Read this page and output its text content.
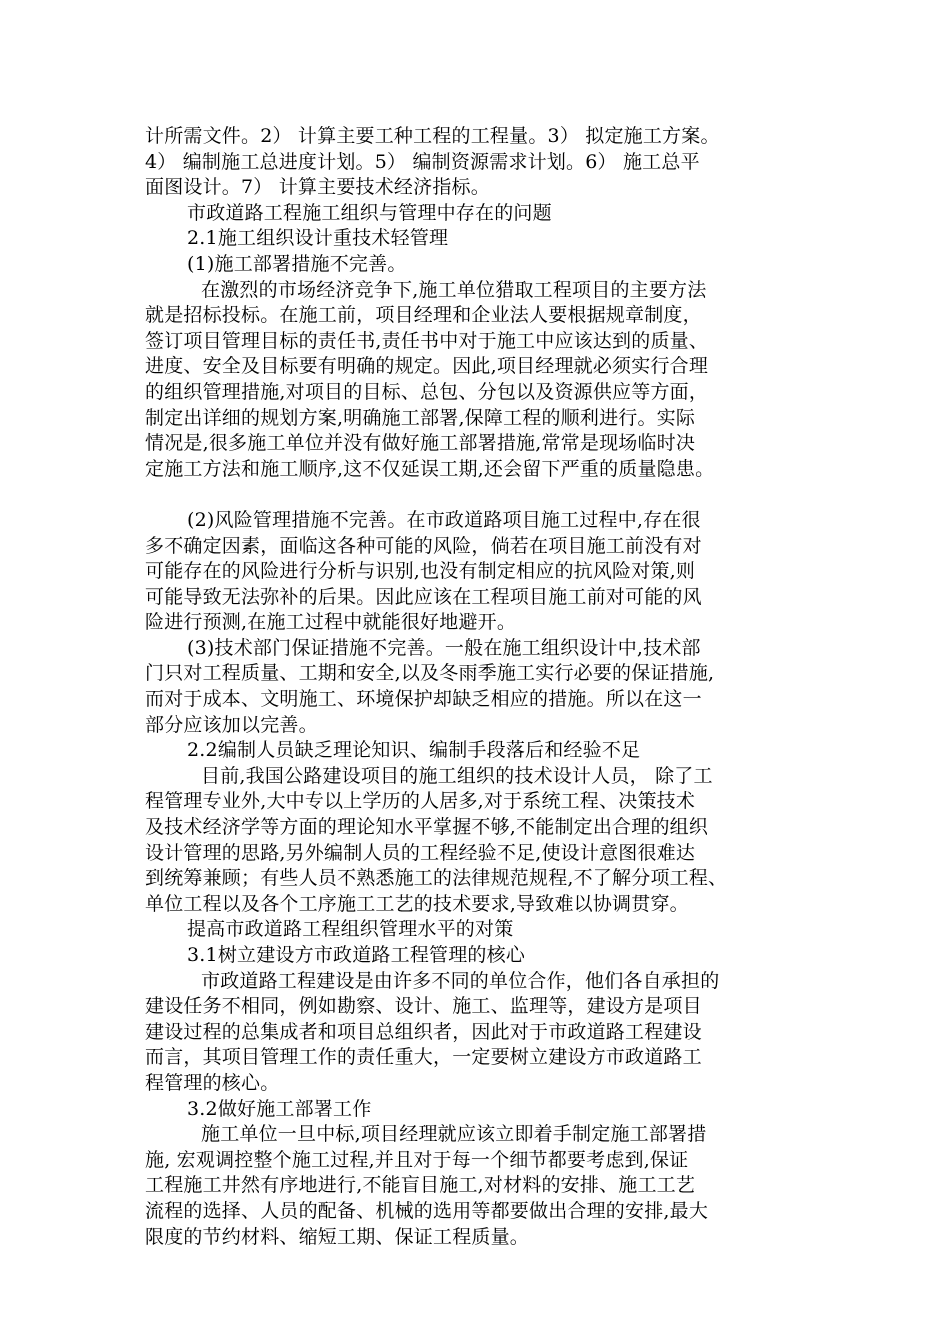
计所需文件。2） 计算主要工种工程的工程量。3） 拟定施工方案。
4） 编制施工总进度计划。5） 编制资源需求计划。6） 施工总平
面图设计。7） 计算主要技术经济指标。
市政道路工程施工组织与管理中存在的问题
2.1施工组织设计重技术轻管理
(1)施工部署措施不完善。
在激烈的市场经济竞争下,施工单位猎取工程项目的主要方法
就是招标投标。在施工前，项目经理和企业法人要根据规章制度，
签订项目管理目标的责任书,责任书中对于施工中应该达到的质量、
进度、安全及目标要有明确的规定。因此,项目经理就必须实行合理
的组织管理措施,对项目的目标、总包、分包以及资源供应等方面，
制定出详细的规划方案,明确施工部署,保障工程的顺利进行。实际
情况是,很多施工单位并没有做好施工部署措施,常常是现场临时决
定施工方法和施工顺序,这不仅延误工期,还会留下严重的质量隐患。
(2)风险管理措施不完善。在市政道路项目施工过程中,存在很
多不确定因素，面临这各种可能的风险，倘若在项目施工前没有对
可能存在的风险进行分析与识别,也没有制定相应的抗风险对策,则
可能导致无法弥补的后果。因此应该在工程项目施工前对可能的风
险进行预测,在施工过程中就能很好地避开。
(3)技术部门保证措施不完善。一般在施工组织设计中,技术部
门只对工程质量、工期和安全,以及冬雨季施工实行必要的保证措施,
而对于成本、文明施工、环境保护却缺乏相应的措施。所以在这一
部分应该加以完善。
2.2编制人员缺乏理论知识、编制手段落后和经验不足
目前,我国公路建设项目的施工组织的技术设计人员， 除了工
程管理专业外,大中专以上学历的人居多,对于系统工程、决策技术
及技术经济学等方面的理论知水平掌握不够,不能制定出合理的组织
设计管理的思路,另外编制人员的工程经验不足,使设计意图很难达
到统筹兼顾；有些人员不熟悉施工的法律规范规程,不了解分项工程、
单位工程以及各个工序施工工艺的技术要求,导致难以协调贯穿。
提高市政道路工程组织管理水平的对策
3.1树立建设方市政道路工程管理的核心
市政道路工程建设是由许多不同的单位合作，他们各自承担的
建设任务不相同，例如勘察、设计、施工、监理等，建设方是项目
建设过程的总集成者和项目总组织者，因此对于市政道路工程建设
而言，其项目管理工作的责任重大，一定要树立建设方市政道路工
程管理的核心。
3.2做好施工部署工作
施工单位一旦中标,项目经理就应该立即着手制定施工部署措
施, 宏观调控整个施工过程,并且对于每一个细节都要考虑到,保证
工程施工井然有序地进行,不能盲目施工,对材料的安排、施工工艺
流程的选择、人员的配备、机械的选用等都要做出合理的安排,最大
限度的节约材料、缩短工期、保证工程质量。
